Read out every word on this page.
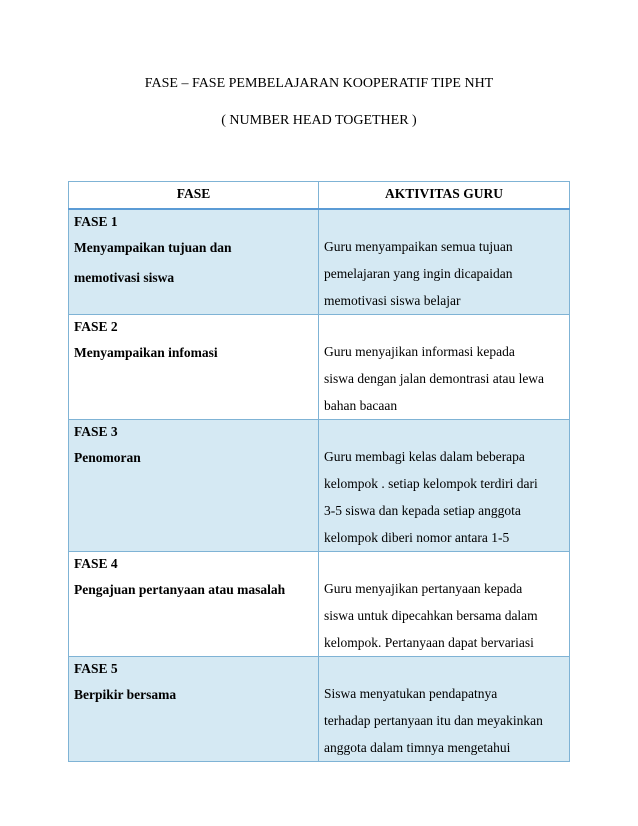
FASE – FASE PEMBELAJARAN KOOPERATIF TIPE NHT

( NUMBER HEAD TOGETHER )

FASE	AKTIVITAS GURU

FASE 1
Menyampaikan tujuan dan
memotivasi siswa	Guru menyampaikan semua tujuan
pemelajaran yang ingin dicapaidan
memotivasi siswa belajar

FASE 2
Menyampaikan infomasi	Guru menyajikan informasi kepada
siswa dengan jalan demontrasi atau lewa
bahan bacaan

FASE 3
Penomoran	Guru membagi kelas dalam beberapa
kelompok . setiap kelompok terdiri dari
3-5 siswa dan kepada setiap anggota
kelompok diberi nomor antara 1-5

FASE 4
Pengajuan pertanyaan atau masalah	Guru menyajikan pertanyaan kepada
siswa untuk dipecahkan bersama dalam
kelompok. Pertanyaan dapat bervariasi

FASE 5
Berpikir bersama	Siswa menyatukan pendapatnya
terhadap pertanyaan itu dan meyakinkan
anggota dalam timnya mengetahui
